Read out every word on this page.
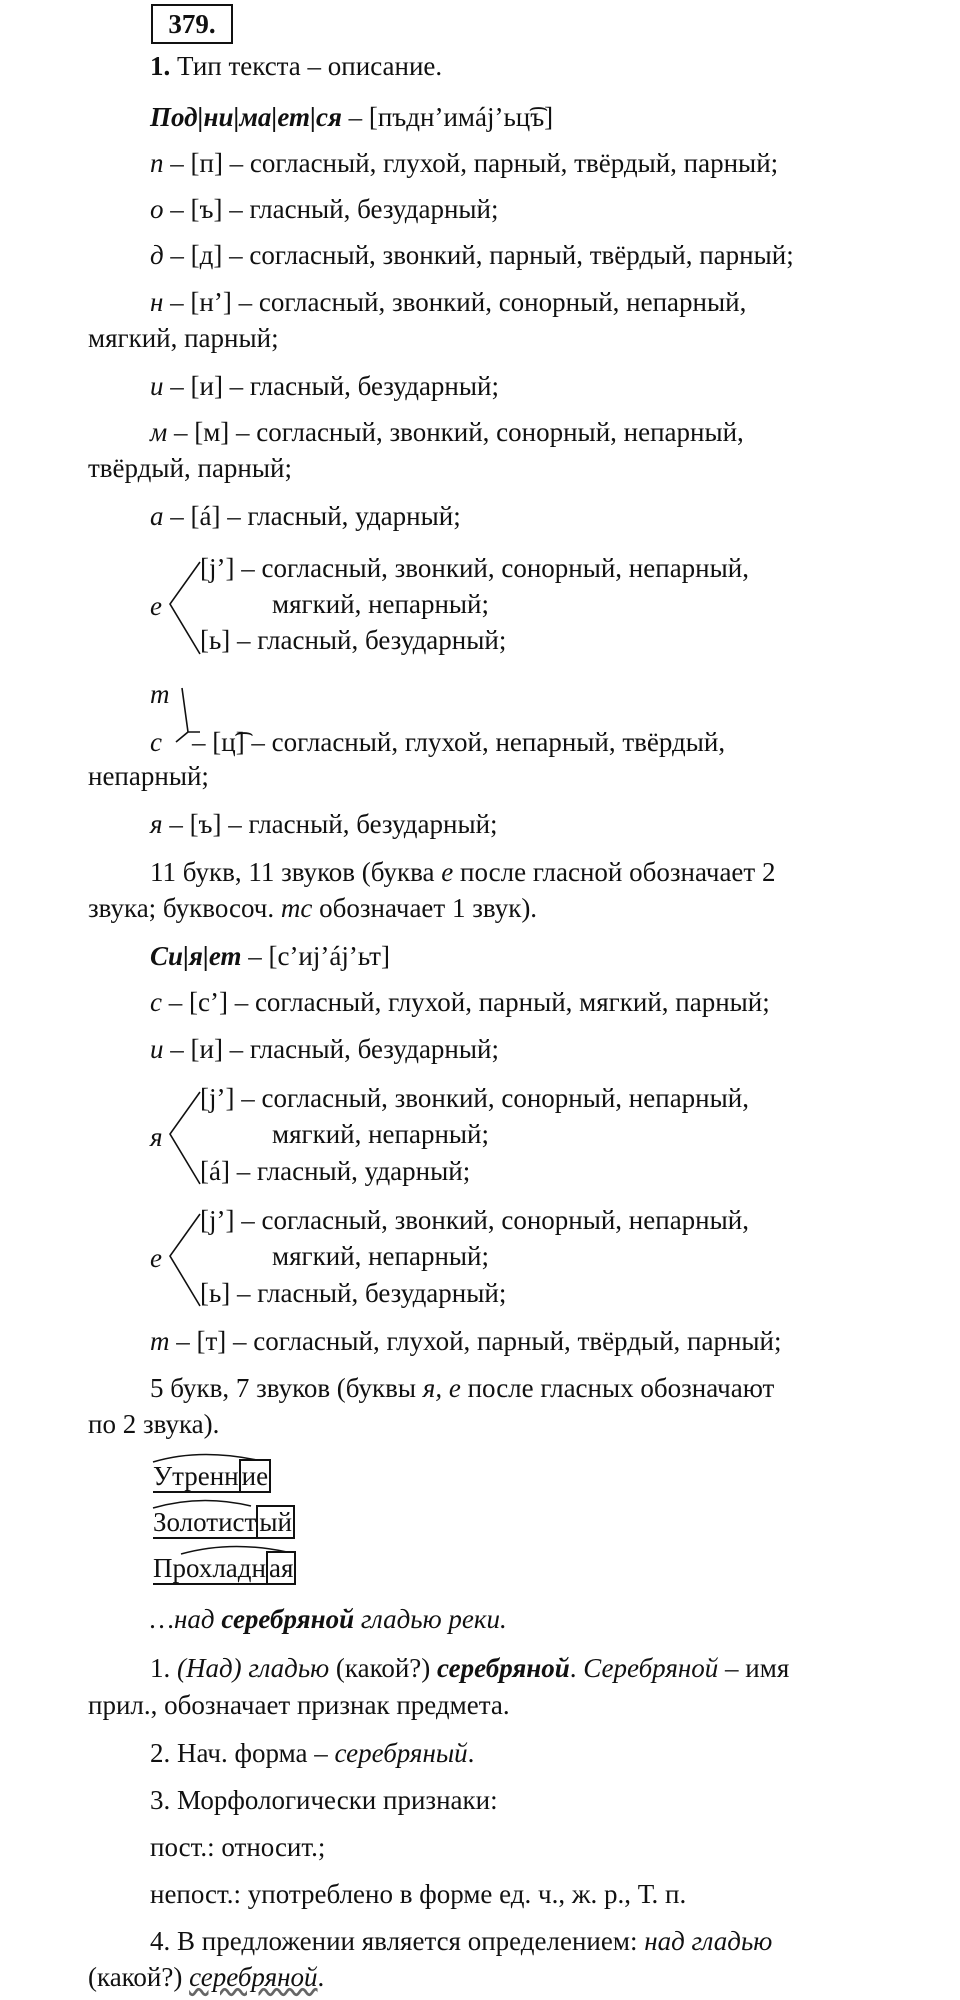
379.
1. Тип текста – описание.
Под|ни|ма|ет|ся – [пъдн’имáj’ьц͡ъ]
п – [п] – согласный, глухой, парный, твёрдый, парный;
о – [ъ] – гласный, безударный;
д – [д] – согласный, звонкий, парный, твёрдый, парный;
н – [н’] – согласный, звонкий, сонорный, непарный,
мягкий, парный;
и – [и] – гласный, безударный;
м – [м] – согласный, звонкий, сонорный, непарный,
твёрдый, парный;
а – [á] – гласный, ударный;
е
[j’] – согласный, звонкий, сонорный, непарный,
мягкий, непарный;
[ь] – гласный, безударный;
т
с – [ц͡] – согласный, глухой, непарный, твёрдый,
непарный;
я – [ъ] – гласный, безударный;
11 букв, 11 звуков (буква е после гласной обозначает 2
звука; буквосоч. тс обозначает 1 звук).
Си|я|ет – [с’иj’áj’ьт]
с – [с’] – согласный, глухой, парный, мягкий, парный;
и – [и] – гласный, безударный;
я
[j’] – согласный, звонкий, сонорный, непарный,
мягкий, непарный;
[á] – гласный, ударный;
е
[j’] – согласный, звонкий, сонорный, непарный,
мягкий, непарный;
[ь] – гласный, безударный;
т – [т] – согласный, глухой, парный, твёрдый, парный;
5 букв, 7 звуков (буквы я, е после гласных обозначают
по 2 звука).
Утренн ие
Золотист ый
Прохладн ая
…над серебряной гладью реки.
1. (Над) гладью (какой?) серебряной. Серебряной – имя
прил., обозначает признак предмета.
2. Нач. форма – серебряный.
3. Морфологически признаки:
пост.: относит.;
непост.: употреблено в форме ед. ч., ж. р., Т. п.
4. В предложении является определением: над гладью
(какой?) серебряной.
